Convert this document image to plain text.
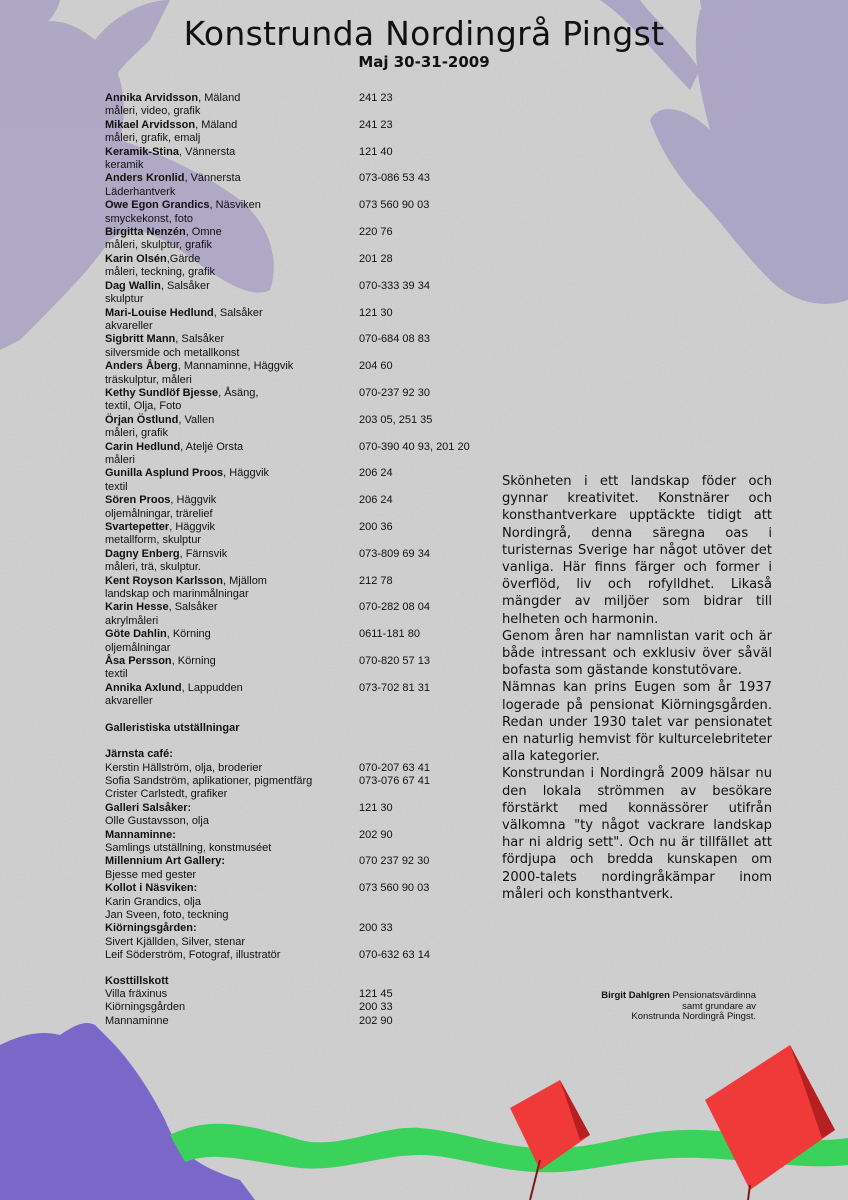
Konstrunda Nordingrå Pingst
Maj 30-31-2009
Annika Arvidsson, Mäland	241 23
måleri, video, grafik
Mikael Arvidsson, Mäland	241 23
måleri, grafik, emalj
Keramik-Stina, Vännersta	121 40
keramik
Anders Kronlid, Vännersta	073-086 53 43
Läderhantverk
Owe Egon Grandics, Näsviken	073 560 90 03
smyckekonst, foto
Birgitta Nenzén, Omne	220 76
måleri, skulptur, grafik
Karin Olsén,Gärde	201 28
måleri, teckning, grafik
Dag Wallin, Salsåker	070-333 39 34
skulptur
Mari-Louise Hedlund, Salsåker	121 30
akvareller
Sigbritt Mann, Salsåker	070-684 08 83
silversmide och metallkonst
Anders Åberg, Mannaminne, Häggvik	204 60
träskulptur, måleri
Kethy Sundlöf Bjesse, Åsäng,	070-237 92 30
textil, Olja, Foto
Örjan Östlund, Vallen	203 05, 251 35
måleri, grafik
Carin Hedlund, Ateljé Orsta	070-390 40 93, 201 20
måleri
Gunilla Asplund Proos, Häggvik	206 24
textil
Sören Proos, Häggvik	206 24
oljemålningar, trärelief
Svartepetter, Häggvik	200 36
metallform, skulptur
Dagny Enberg, Färnsvik	073-809 69 34
måleri, trä, skulptur.
Kent Royson Karlsson, Mjällom	212 78
landskap och marinmålningar
Karin Hesse, Salsåker	070-282 08 04
akrylmåleri
Göte Dahlin, Körning	0611-181 80
oljemålningar
Åsa Persson, Körning	070-820 57 13
textil
Annika Axlund, Lappudden	073-702 81 31
akvareller
Galleristiska utställningar
Järnsta café:
Kerstin Hällström, olja, broderier	070-207 63 41
Sofia Sandström, aplikationer, pigmentfärg	073-076 67 41
Crister Carlstedt, grafiker
Galleri Salsåker:	121 30
Olle Gustavsson, olja
Mannaminne:	202 90
Samlings utställning, konstmuséet
Millennium Art Gallery:	070 237 92 30
Bjesse med gester
Kollot i Näsviken:	073 560 90 03
Karin Grandics, olja
Jan Sveen, foto, teckning
Kiörningsgården:	200 33
Sivert Kjällden, Silver, stenar
Leif Söderström, Fotograf, illustratör	070-632 63 14
Kosttillskott
Villa fräxinus	121 45
Kiörningsgården	200 33
Mannaminne	202 90

Skönheten i ett landskap föder och gynnar kreativitet. Konstnärer och konsthantverkare upptäckte tidigt att Nordingrå, denna säregna oas i turisternas Sverige har något utöver det vanliga. Här finns färger och former i överflöd, liv och rofylldhet. Likaså mängder av miljöer som bidrar till helheten och harmonin.

Genom åren har namnlistan varit och är både intressant och exklusiv över såväl bofasta som gästande konstutövare.

Nämnas kan prins Eugen som år 1937 logerade på pensionat Kiörningsgården. Redan under 1930 talet var pensionatet en naturlig hemvist för kulturcelebriteter alla kategorier.

Konstrundan i Nordingrå 2009 hälsar nu den lokala strömmen av besökare förstärkt med konnässörer utifrån välkomna "ty något vackrare landskap har ni aldrig sett". Och nu är tillfället att fördjupa och bredda kunskapen om 2000-talets nordingråkämpar inom måleri och konsthantverk.

Birgit Dahlgren Pensionatsvärdinna
samt grundare av
Konstrunda Nordingrå Pingst.
